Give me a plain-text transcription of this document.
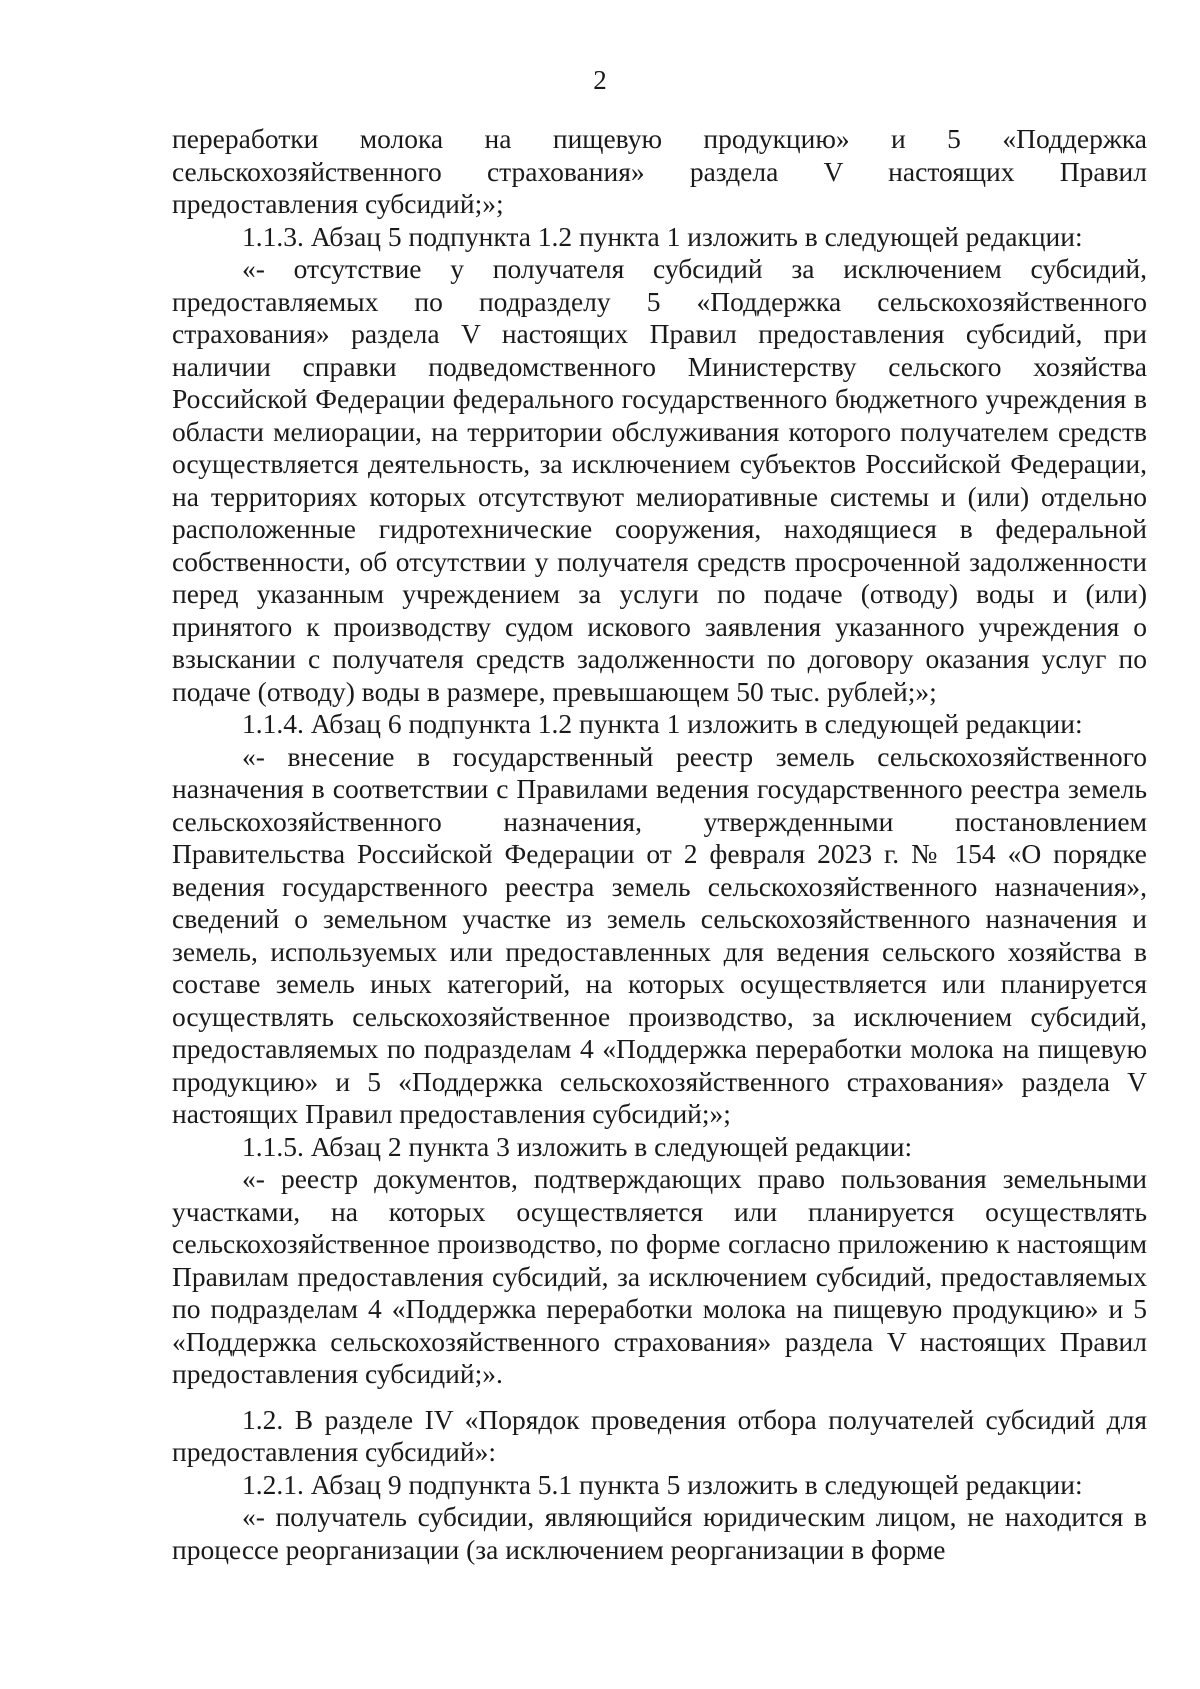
2

переработки молока на пищевую продукцию» и 5 «Поддержка сельскохозяйственного страхования» раздела V настоящих Правил предоставления субсидий;»;

1.1.3. Абзац 5 подпункта 1.2 пункта 1 изложить в следующей редакции:

«- отсутствие у получателя субсидий за исключением субсидий, предоставляемых по подразделу 5 «Поддержка сельскохозяйственного страхования» раздела V настоящих Правил предоставления субсидий, при наличии справки подведомственного Министерству сельского хозяйства Российской Федерации федерального государственного бюджетного учреждения в области мелиорации, на территории обслуживания которого получателем средств осуществляется деятельность, за исключением субъектов Российской Федерации, на территориях которых отсутствуют мелиоративные системы и (или) отдельно расположенные гидротехнические сооружения, находящиеся в федеральной собственности, об отсутствии у получателя средств просроченной задолженности перед указанным учреждением за услуги по подаче (отводу) воды и (или) принятого к производству судом искового заявления указанного учреждения о взыскании с получателя средств задолженности по договору оказания услуг по подаче (отводу) воды в размере, превышающем 50 тыс. рублей;»;

1.1.4. Абзац 6 подпункта 1.2 пункта 1 изложить в следующей редакции:

«- внесение в государственный реестр земель сельскохозяйственного назначения в соответствии с Правилами ведения государственного реестра земель сельскохозяйственного назначения, утвержденными постановлением Правительства Российской Федерации от 2 февраля 2023 г. № 154 «О порядке ведения государственного реестра земель сельскохозяйственного назначения», сведений о земельном участке из земель сельскохозяйственного назначения и земель, используемых или предоставленных для ведения сельского хозяйства в составе земель иных категорий, на которых осуществляется или планируется осуществлять сельскохозяйственное производство, за исключением субсидий, предоставляемых по подразделам 4 «Поддержка переработки молока на пищевую продукцию» и 5 «Поддержка сельскохозяйственного страхования» раздела V настоящих Правил предоставления субсидий;»;

1.1.5. Абзац 2 пункта 3 изложить в следующей редакции:

«- реестр документов, подтверждающих право пользования земельными участками, на которых осуществляется или планируется осуществлять сельскохозяйственное производство, по форме согласно приложению к настоящим Правилам предоставления субсидий, за исключением субсидий, предоставляемых по подразделам 4 «Поддержка переработки молока на пищевую продукцию» и 5 «Поддержка сельскохозяйственного страхования» раздела V настоящих Правил предоставления субсидий;».

1.2. В разделе IV «Порядок проведения отбора получателей субсидий для предоставления субсидий»:

1.2.1. Абзац 9 подпункта 5.1 пункта 5 изложить в следующей редакции:

«- получатель субсидии, являющийся юридическим лицом, не находится в процессе реорганизации (за исключением реорганизации в форме
